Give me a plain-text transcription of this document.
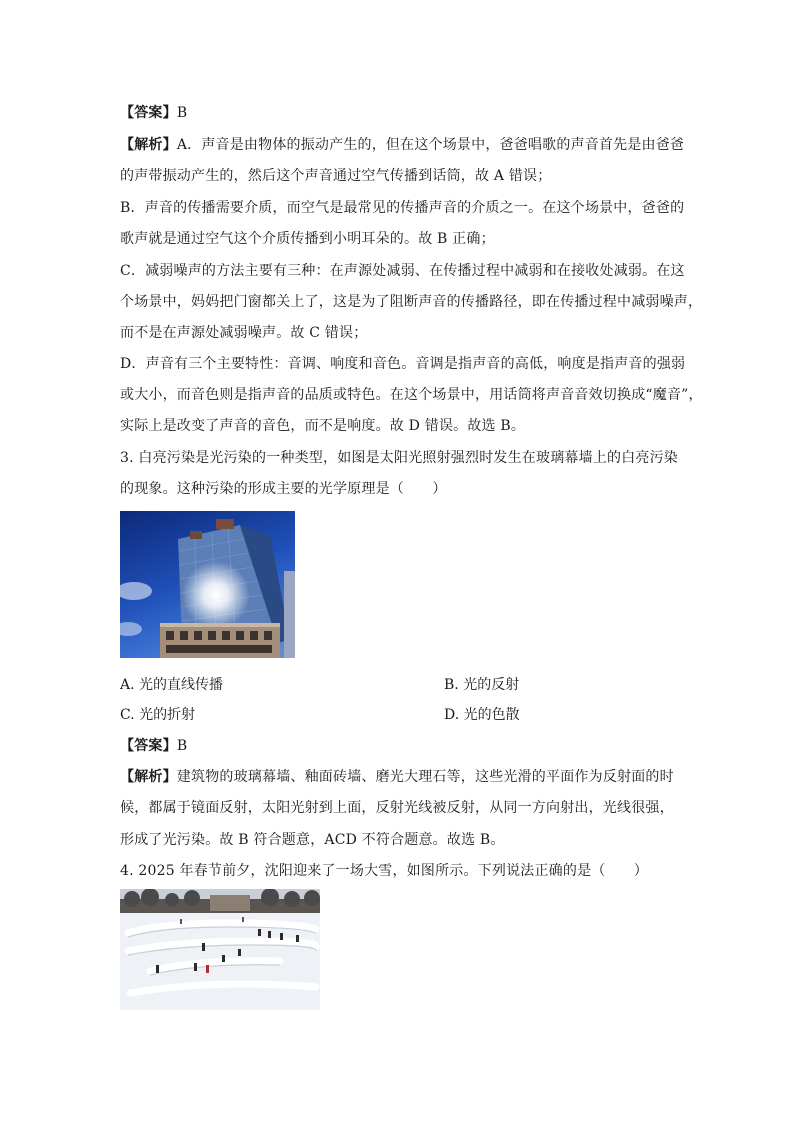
【答案】B
【解析】A．声音是由物体的振动产生的，但在这个场景中，爸爸唱歌的声音首先是由爸爸
的声带振动产生的，然后这个声音通过空气传播到话筒，故 A 错误；
B．声音的传播需要介质，而空气是最常见的传播声音的介质之一。在这个场景中，爸爸的
歌声就是通过空气这个介质传播到小明耳朵的。故 B 正确；
C．减弱噪声的方法主要有三种：在声源处减弱、在传播过程中减弱和在接收处减弱。在这
个场景中，妈妈把门窗都关上了，这是为了阻断声音的传播路径，即在传播过程中减弱噪声，
而不是在声源处减弱噪声。故 C 错误；
D．声音有三个主要特性：音调、响度和音色。音调是指声音的高低，响度是指声音的强弱
或大小，而音色则是指声音的品质或特色。在这个场景中，用话筒将声音音效切换成“魔音”，
实际上是改变了声音的音色，而不是响度。故 D 错误。故选 B。
3. 白亮污染是光污染的一种类型，如图是太阳光照射强烈时发生在玻璃幕墙上的白亮污染
的现象。这种污染的形成主要的光学原理是（　　）
A. 光的直线传播	B. 光的反射
C. 光的折射	D. 光的色散
【答案】B
【解析】建筑物的玻璃幕墙、釉面砖墙、磨光大理石等，这些光滑的平面作为反射面的时
候，都属于镜面反射，太阳光射到上面，反射光线被反射，从同一方向射出，光线很强，
形成了光污染。故 B 符合题意，ACD 不符合题意。故选 B。
4. 2025 年春节前夕，沈阳迎来了一场大雪，如图所示。下列说法正确的是（　　）
